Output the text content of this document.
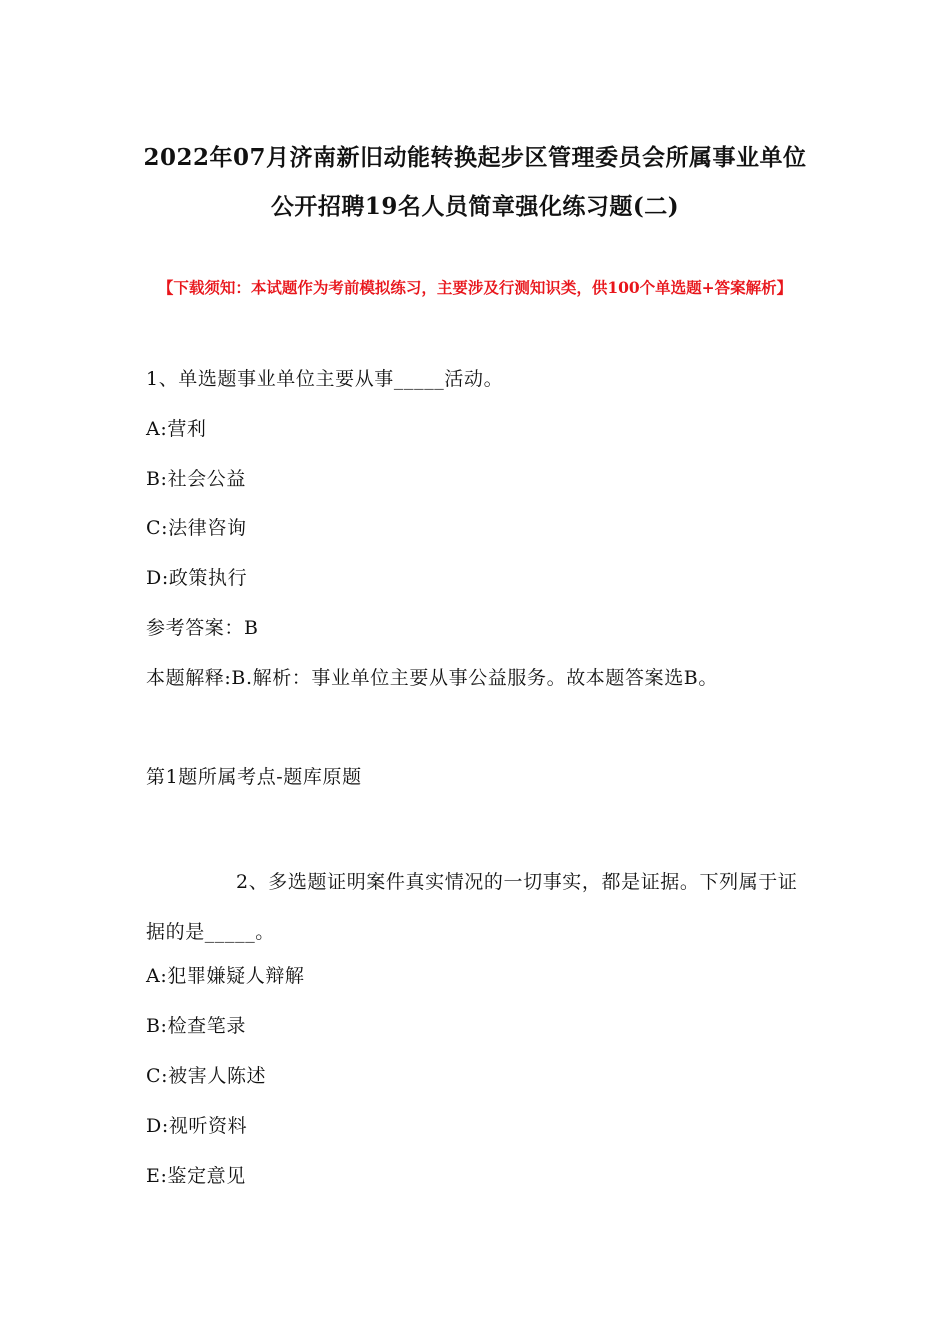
2022年07月济南新旧动能转换起步区管理委员会所属事业单位
公开招聘19名人员简章强化练习题(二)
【下载须知：本试题作为考前模拟练习，主要涉及行测知识类，供100个单选题+答案解析】
1、单选题事业单位主要从事_____活动。
A:营利
B:社会公益
C:法律咨询
D:政策执行
参考答案：B
本题解释:B.解析：事业单位主要从事公益服务。故本题答案选B。
第1题所属考点-题库原题
2、多选题证明案件真实情况的一切事实，都是证据。下列属于证据的是_____。
A:犯罪嫌疑人辩解
B:检查笔录
C:被害人陈述
D:视听资料
E:鉴定意见
